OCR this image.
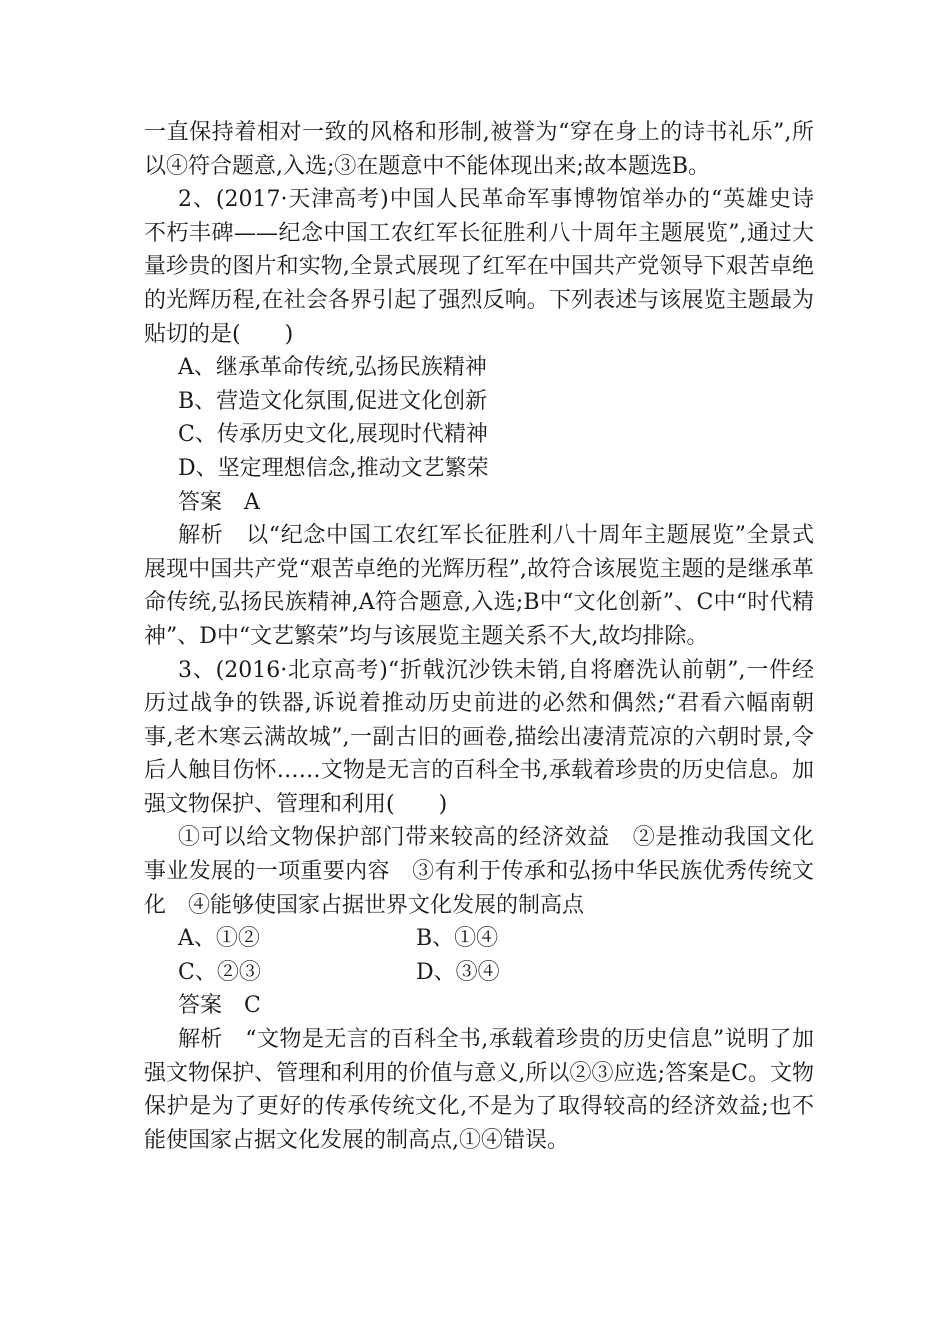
一直保持着相对一致的风格和形制,被誉为“穿在身上的诗书礼乐”,所以④符合题意,入选;③在题意中不能体现出来;故本题选B。

2、(2017·天津高考)中国人民革命军事博物馆举办的“英雄史诗　不朽丰碑——纪念中国工农红军长征胜利八十周年主题展览”,通过大量珍贵的图片和实物,全景式展现了红军在中国共产党领导下艰苦卓绝的光辉历程,在社会各界引起了强烈反响。下列表述与该展览主题最为贴切的是(　　)

A、继承革命传统,弘扬民族精神

B、营造文化氛围,促进文化创新

C、传承历史文化,展现时代精神

D、坚定理想信念,推动文艺繁荣

答案　A

解析　以“纪念中国工农红军长征胜利八十周年主题展览”全景式展现中国共产党“艰苦卓绝的光辉历程”,故符合该展览主题的是继承革命传统,弘扬民族精神,A符合题意,入选;B中“文化创新”、C中“时代精神”、D中“文艺繁荣”均与该展览主题关系不大,故均排除。

3、(2016·北京高考)“折戟沉沙铁未销,自将磨洗认前朝”,一件经历过战争的铁器,诉说着推动历史前进的必然和偶然;“君看六幅南朝事,老木寒云满故城”,一副古旧的画卷,描绘出凄清荒凉的六朝时景,令后人触目伤怀……文物是无言的百科全书,承载着珍贵的历史信息。加强文物保护、管理和利用(　　)

①可以给文物保护部门带来较高的经济效益　②是推动我国文化事业发展的一项重要内容　③有利于传承和弘扬中华民族优秀传统文化　④能够使国家占据世界文化发展的制高点

A、①②	B、①④
C、②③	D、③④

答案　C

解析　“文物是无言的百科全书,承载着珍贵的历史信息”说明了加强文物保护、管理和利用的价值与意义,所以②③应选;答案是C。文物保护是为了更好的传承传统文化,不是为了取得较高的经济效益;也不能使国家占据文化发展的制高点,①④错误。
